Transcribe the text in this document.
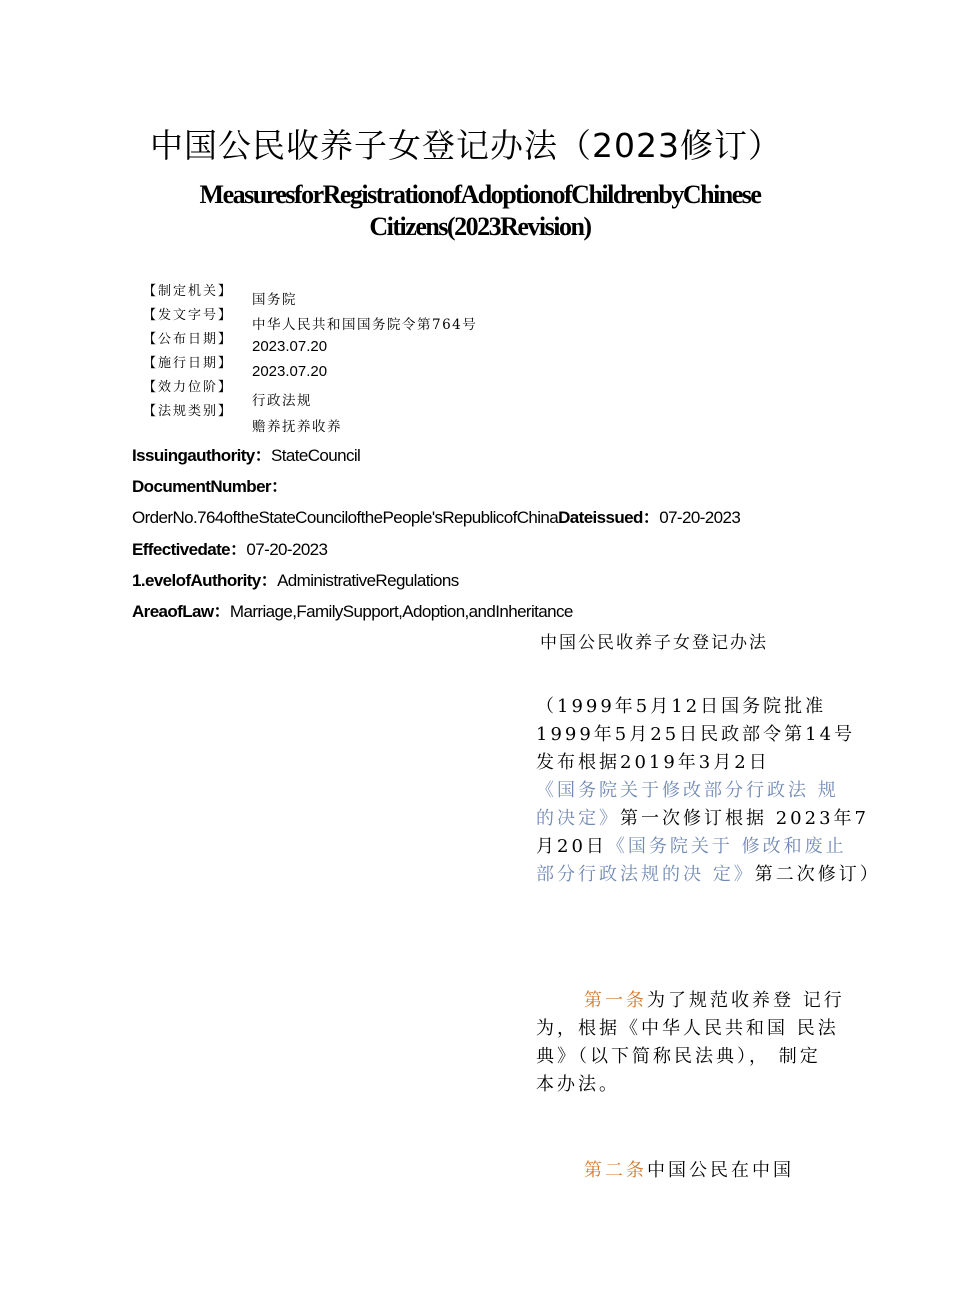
中国公民收养子女登记办法（2023修订）
MeasuresforRegistrationofAdoptionofChildrenbyChinese
Citizens(2023Revision)
【制定机关】
【发文字号】
【公布日期】
【施行日期】
【效力位阶】
【法规类别】
国务院
中华人民共和国国务院令第764号
2023.07.20
2023.07.20
行政法规
赡养抚养收养
Issuingauthority：StateCouncil
DocumentNumber：
OrderNo.764oftheStateCouncilofthePeople'sRepublicofChinaDateissued：07-20-2023
Effectivedate：07-20-2023
1.evelofAuthority：AdministrativeRegulations
AreaofLaw：Marriage,FamilySupport,Adoption,andInheritance
中国公民收养子女登记办法
（1999年5月12日国务院批准
1999年5月25日民政部令第14号
发布根据2019年3月2日
《国务院关于修改部分行政法 规
的决定》第一次修订根据 2023年7
月20日《国务院关于 修改和废止
部分行政法规的决 定》第二次修订）
第一条为了规范收养登 记行
为，根据《中华人民共和国 民法
典》（以下简称民法典）， 制定
本办法。
第二条中国公民在中国
